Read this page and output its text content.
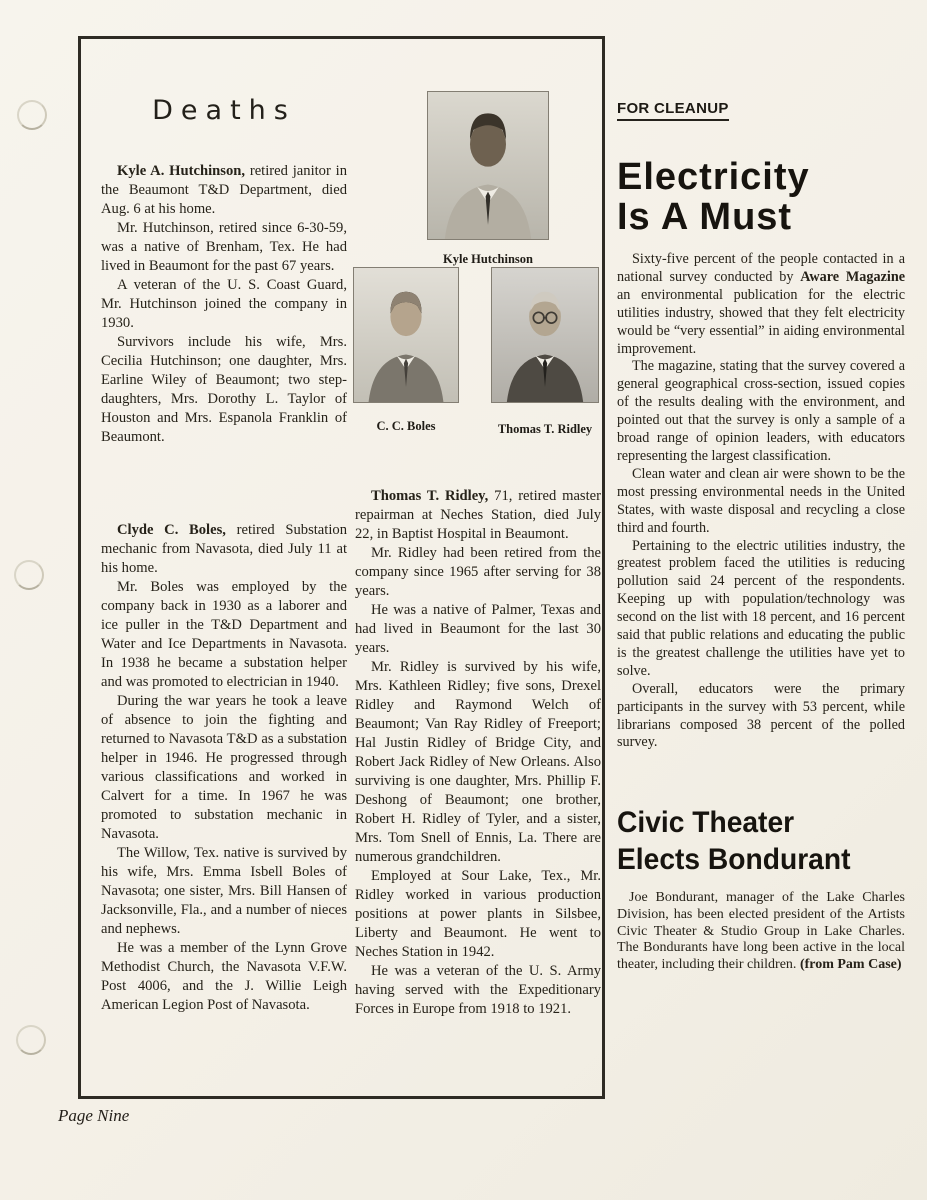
Deaths

Kyle A. Hutchinson, retired janitor in the Beaumont T&D Department, died Aug. 6 at his home.

Mr. Hutchinson, retired since 6-30-59, was a native of Brenham, Tex. He had lived in Beaumont for the past 67 years.

A veteran of the U. S. Coast Guard, Mr. Hutchinson joined the company in 1930.

Survivors include his wife, Mrs. Cecilia Hutchinson; one daughter, Mrs. Earline Wiley of Beaumont; two step-daughters, Mrs. Dorothy L. Taylor of Houston and Mrs. Espanola Franklin of Beaumont.

Clyde C. Boles, retired Substation mechanic from Navasota, died July 11 at his home.

Mr. Boles was employed by the company back in 1930 as a laborer and ice puller in the T&D Department and Water and Ice Departments in Navasota. In 1938 he became a substation helper and was promoted to electrician in 1940.

During the war years he took a leave of absence to join the fighting and returned to Navasota T&D as a substation helper in 1946. He progressed through various classifications and worked in Calvert for a time. In 1967 he was promoted to substation mechanic in Navasota.

The Willow, Tex. native is survived by his wife, Mrs. Emma Isbell Boles of Navasota; one sister, Mrs. Bill Hansen of Jacksonville, Fla., and a number of nieces and nephews.

He was a member of the Lynn Grove Methodist Church, the Navasota V.F.W. Post 4006, and the J. Willie Leigh American Legion Post of Navasota.

Kyle Hutchinson
C. C. Boles	Thomas T. Ridley

Thomas T. Ridley, 71, retired master repairman at Neches Station, died July 22, in Baptist Hospital in Beaumont.

Mr. Ridley had been retired from the company since 1965 after serving for 38 years.

He was a native of Palmer, Texas and had lived in Beaumont for the last 30 years.

Mr. Ridley is survived by his wife, Mrs. Kathleen Ridley; five sons, Drexel Ridley and Raymond Welch of Beaumont; Van Ray Ridley of Freeport; Hal Justin Ridley of Bridge City, and Robert Jack Ridley of New Orleans. Also surviving is one daughter, Mrs. Phillip F. Deshong of Beaumont; one brother, Robert H. Ridley of Tyler, and a sister, Mrs. Tom Snell of Ennis, La. There are numerous grandchildren.

Employed at Sour Lake, Tex., Mr. Ridley worked in various production positions at power plants in Silsbee, Liberty and Beaumont. He went to Neches Station in 1942.

He was a veteran of the U. S. Army having served with the Expeditionary Forces in Europe from 1918 to 1921.

FOR CLEANUP
Electricity
Is A Must

Sixty-five percent of the people contacted in a national survey conducted by Aware Magazine an environmental publication for the electric utilities industry, showed that they felt electricity would be “very essential” in aiding environmental improvement.

The magazine, stating that the survey covered a general geographical cross-section, issued copies of the results dealing with the environment, and pointed out that the survey is only a sample of a broad range of opinion leaders, with educators representing the largest classification.

Clean water and clean air were shown to be the most pressing environmental needs in the United States, with waste disposal and recycling a close third and fourth.

Pertaining to the electric utilities industry, the greatest problem faced the utilities is reducing pollution said 24 percent of the respondents. Keeping up with population/technology was second on the list with 18 percent, and 16 percent said that public relations and educating the public is the greatest challenge the utilities have yet to solve.

Overall, educators were the primary participants in the survey with 53 percent, while librarians composed 38 percent of the polled survey.

Civic Theater
Elects Bondurant

Joe Bondurant, manager of the Lake Charles Division, has been elected president of the Artists Civic Theater & Studio Group in Lake Charles. The Bondurants have long been active in the local theater, including their children. (from Pam Case)

Page Nine
